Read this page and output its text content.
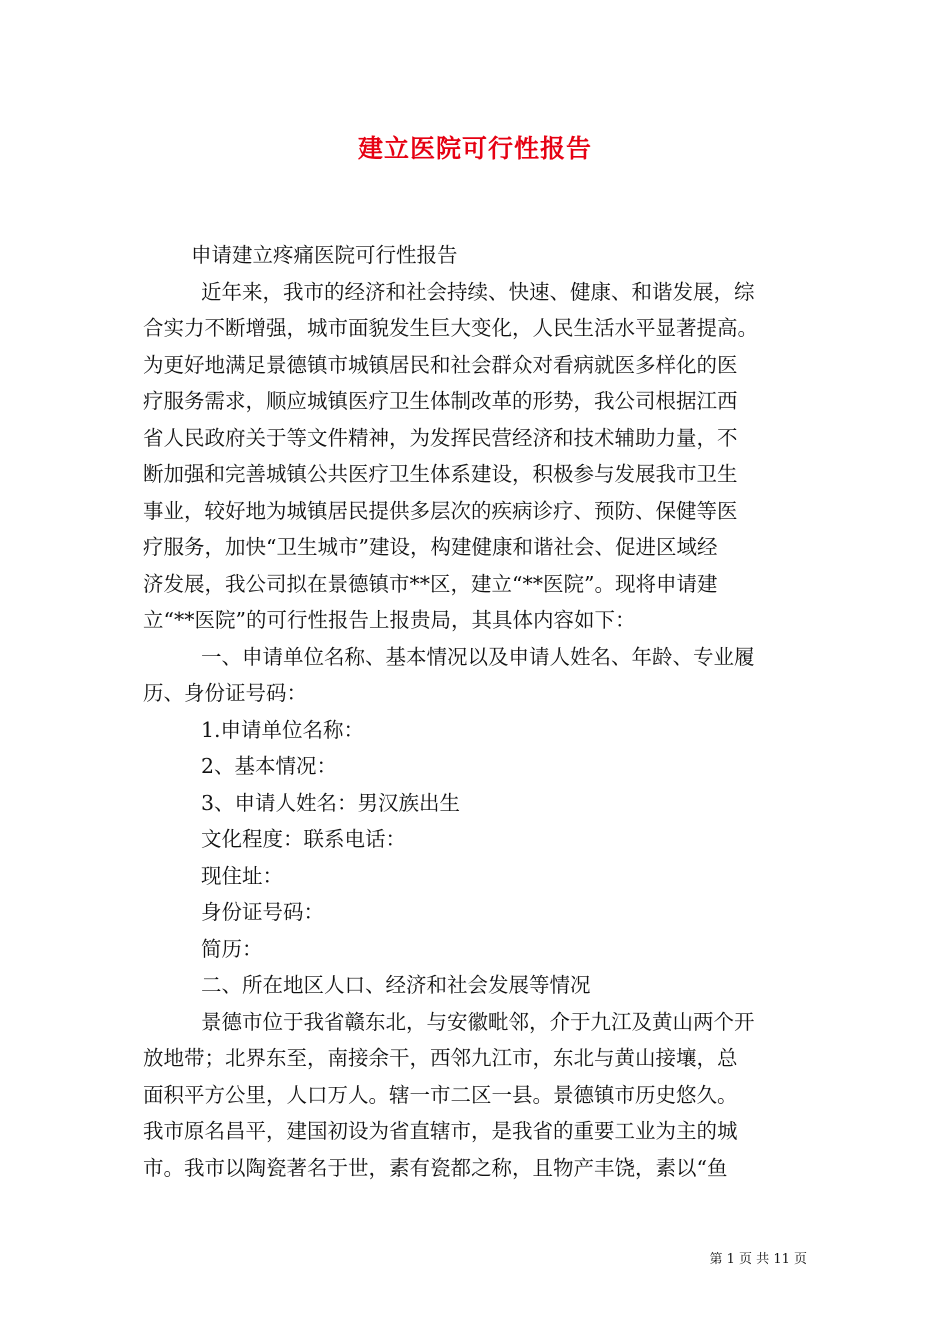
建立医院可行性报告
申请建立疼痛医院可行性报告
近年来，我市的经济和社会持续、快速、健康、和谐发展，综
合实力不断增强，城市面貌发生巨大变化，人民生活水平显著提高。
为更好地满足景德镇市城镇居民和社会群众对看病就医多样化的医
疗服务需求，顺应城镇医疗卫生体制改革的形势，我公司根据江西
省人民政府关于等文件精神，为发挥民营经济和技术辅助力量，不
断加强和完善城镇公共医疗卫生体系建设，积极参与发展我市卫生
事业，较好地为城镇居民提供多层次的疾病诊疗、预防、保健等医
疗服务，加快“卫生城市”建设，构建健康和谐社会、促进区域经
济发展，我公司拟在景德镇市**区，建立“**医院”。现将申请建
立“**医院”的可行性报告上报贵局，其具体内容如下：
一、申请单位名称、基本情况以及申请人姓名、年龄、专业履
历、身份证号码：
1.申请单位名称：
2、基本情况：
3、申请人姓名：男汉族出生
文化程度：联系电话：
现住址：
身份证号码：
简历：
二、所在地区人口、经济和社会发展等情况
景德市位于我省赣东北，与安徽毗邻，介于九江及黄山两个开
放地带；北界东至，南接余干，西邻九江市，东北与黄山接壤，总
面积平方公里，人口万人。辖一市二区一县。景德镇市历史悠久。
我市原名昌平，建国初设为省直辖市，是我省的重要工业为主的城
市。我市以陶瓷著名于世，素有瓷都之称，且物产丰饶，素以“鱼
第 1 页 共 11 页
